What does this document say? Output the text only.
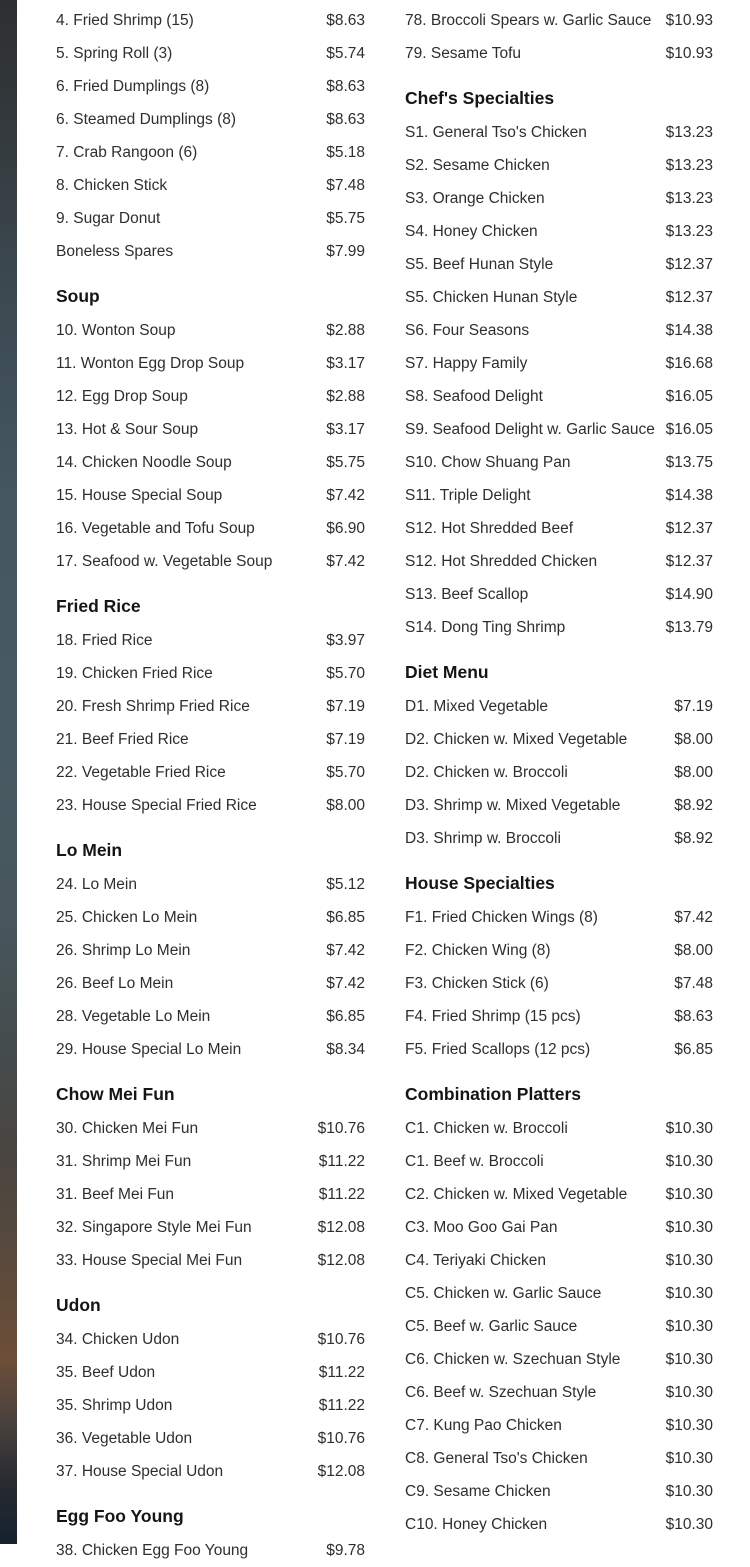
4. Fried Shrimp (15)	$8.63
5. Spring Roll (3)	$5.74
6. Fried Dumplings (8)	$8.63
6. Steamed Dumplings (8)	$8.63
7. Crab Rangoon (6)	$5.18
8. Chicken Stick	$7.48
9. Sugar Donut	$5.75
Boneless Spares	$7.99
Soup
10. Wonton Soup	$2.88
11. Wonton Egg Drop Soup	$3.17
12. Egg Drop Soup	$2.88
13. Hot & Sour Soup	$3.17
14. Chicken Noodle Soup	$5.75
15. House Special Soup	$7.42
16. Vegetable and Tofu Soup	$6.90
17. Seafood w. Vegetable Soup	$7.42
Fried Rice
18. Fried Rice	$3.97
19. Chicken Fried Rice	$5.70
20. Fresh Shrimp Fried Rice	$7.19
21. Beef Fried Rice	$7.19
22. Vegetable Fried Rice	$5.70
23. House Special Fried Rice	$8.00
Lo Mein
24. Lo Mein	$5.12
25. Chicken Lo Mein	$6.85
26. Shrimp Lo Mein	$7.42
26. Beef Lo Mein	$7.42
28. Vegetable Lo Mein	$6.85
29. House Special Lo Mein	$8.34
Chow Mei Fun
30. Chicken Mei Fun	$10.76
31. Shrimp Mei Fun	$11.22
31. Beef Mei Fun	$11.22
32. Singapore Style Mei Fun	$12.08
33. House Special Mei Fun	$12.08
Udon
34. Chicken Udon	$10.76
35. Beef Udon	$11.22
35. Shrimp Udon	$11.22
36. Vegetable Udon	$10.76
37. House Special Udon	$12.08
Egg Foo Young
38. Chicken Egg Foo Young	$9.78
78. Broccoli Spears w. Garlic Sauce $10.93
79. Sesame Tofu	$10.93
Chef's Specialties
S1. General Tso's Chicken	$13.23
S2. Sesame Chicken	$13.23
S3. Orange Chicken	$13.23
S4. Honey Chicken	$13.23
S5. Beef Hunan Style	$12.37
S5. Chicken Hunan Style	$12.37
S6. Four Seasons	$14.38
S7. Happy Family	$16.68
S8. Seafood Delight	$16.05
S9. Seafood Delight w. Garlic Sauce $16.05
S10. Chow Shuang Pan	$13.75
S11. Triple Delight	$14.38
S12. Hot Shredded Beef	$12.37
S12. Hot Shredded Chicken	$12.37
S13. Beef Scallop	$14.90
S14. Dong Ting Shrimp	$13.79
Diet Menu
D1. Mixed Vegetable	$7.19
D2. Chicken w. Mixed Vegetable	$8.00
D2. Chicken w. Broccoli	$8.00
D3. Shrimp w. Mixed Vegetable	$8.92
D3. Shrimp w. Broccoli	$8.92
House Specialties
F1. Fried Chicken Wings (8)	$7.42
F2. Chicken Wing (8)	$8.00
F3. Chicken Stick (6)	$7.48
F4. Fried Shrimp (15 pcs)	$8.63
F5. Fried Scallops (12 pcs)	$6.85
Combination Platters
C1. Chicken w. Broccoli	$10.30
C1. Beef w. Broccoli	$10.30
C2. Chicken w. Mixed Vegetable $10.30
C3. Moo Goo Gai Pan	$10.30
C4. Teriyaki Chicken	$10.30
C5. Chicken w. Garlic Sauce	$10.30
C5. Beef w. Garlic Sauce	$10.30
C6. Chicken w. Szechuan Style	$10.30
C6. Beef w. Szechuan Style	$10.30
C7. Kung Pao Chicken	$10.30
C8. General Tso's Chicken	$10.30
C9. Sesame Chicken	$10.30
C10. Honey Chicken	$10.30
